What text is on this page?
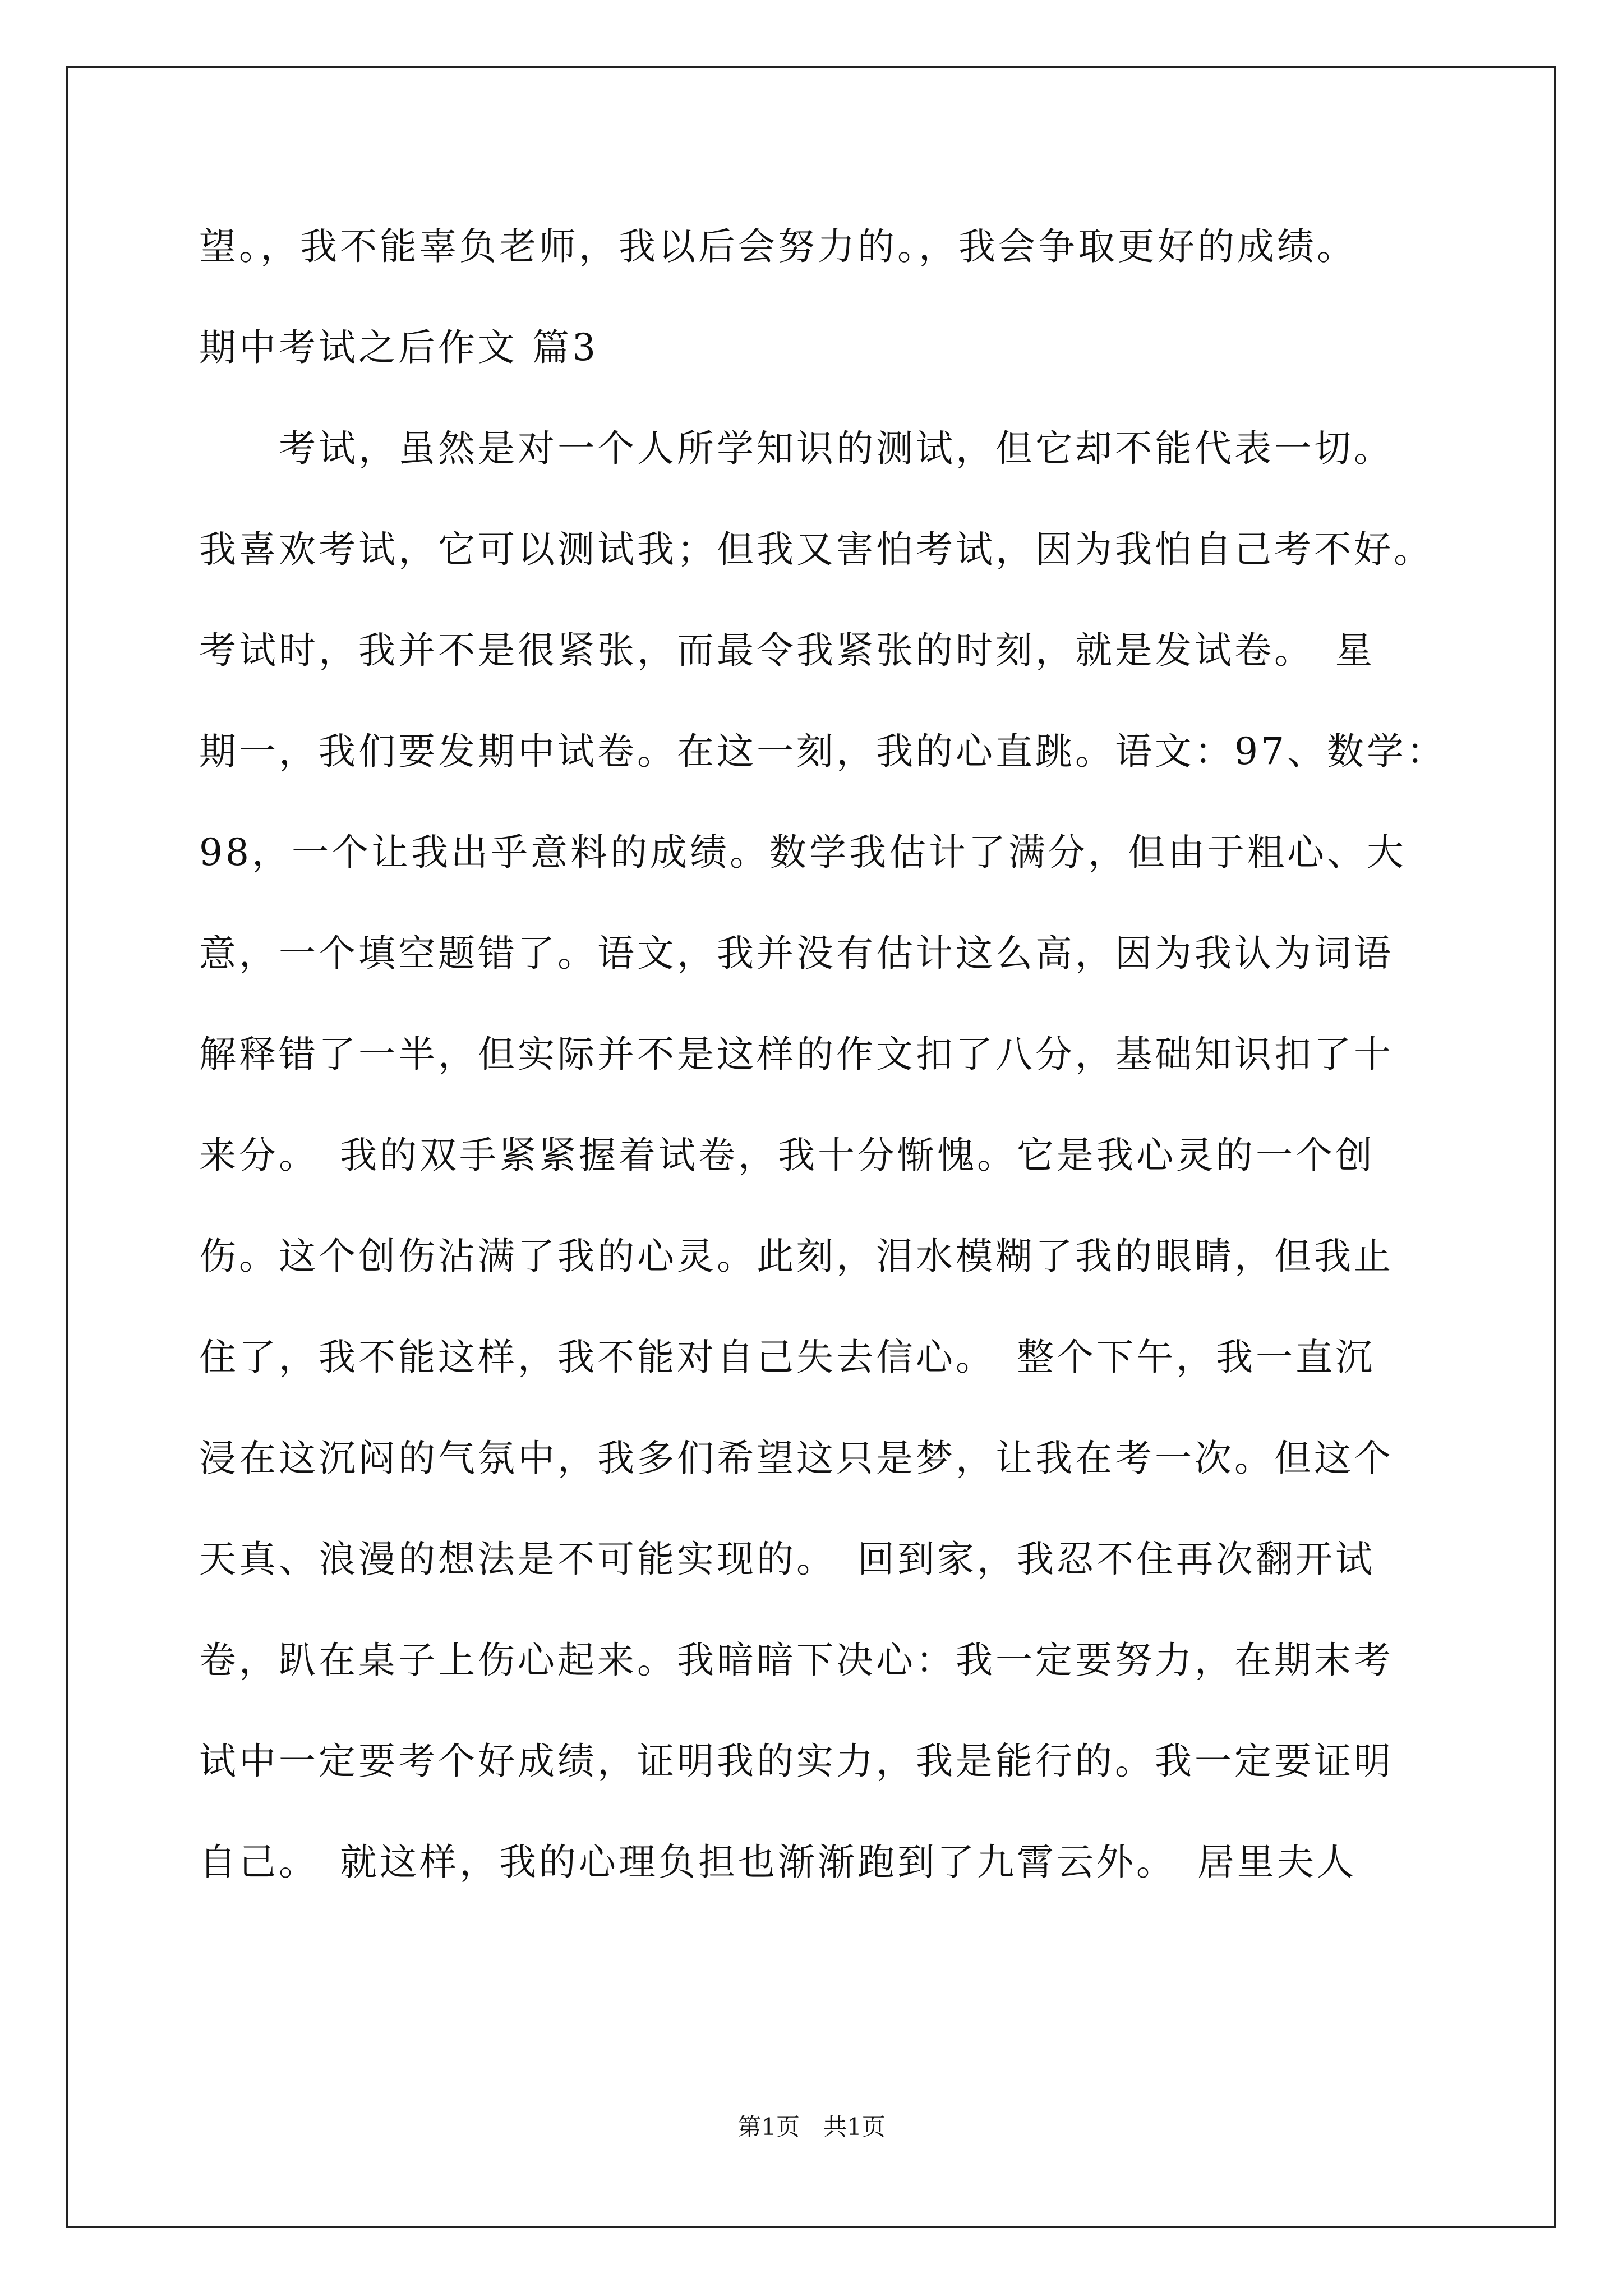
望。，我不能辜负老师，我以后会努力的。，我会争取更好的成绩。

期中考试之后作文 篇3

　　考试，虽然是对一个人所学知识的测试，但它却不能代表一切。

我喜欢考试，它可以测试我；但我又害怕考试，因为我怕自己考不好。

考试时，我并不是很紧张，而最令我紧张的时刻，就是发试卷。　星

期一，我们要发期中试卷。在这一刻，我的心直跳。语文：97、数学：

98，一个让我出乎意料的成绩。数学我估计了满分，但由于粗心、大

意，一个填空题错了。语文，我并没有估计这么高，因为我认为词语

解释错了一半，但实际并不是这样的作文扣了八分，基础知识扣了十

来分。　我的双手紧紧握着试卷，我十分惭愧。它是我心灵的一个创

伤。这个创伤沾满了我的心灵。此刻，泪水模糊了我的眼睛，但我止

住了，我不能这样，我不能对自己失去信心。　整个下午，我一直沉

浸在这沉闷的气氛中，我多们希望这只是梦，让我在考一次。但这个

天真、浪漫的想法是不可能实现的。　回到家，我忍不住再次翻开试

卷，趴在桌子上伤心起来。我暗暗下决心：我一定要努力，在期末考

试中一定要考个好成绩，证明我的实力，我是能行的。我一定要证明

自己。　就这样，我的心理负担也渐渐跑到了九霄云外。　居里夫人

第1页　共1页
